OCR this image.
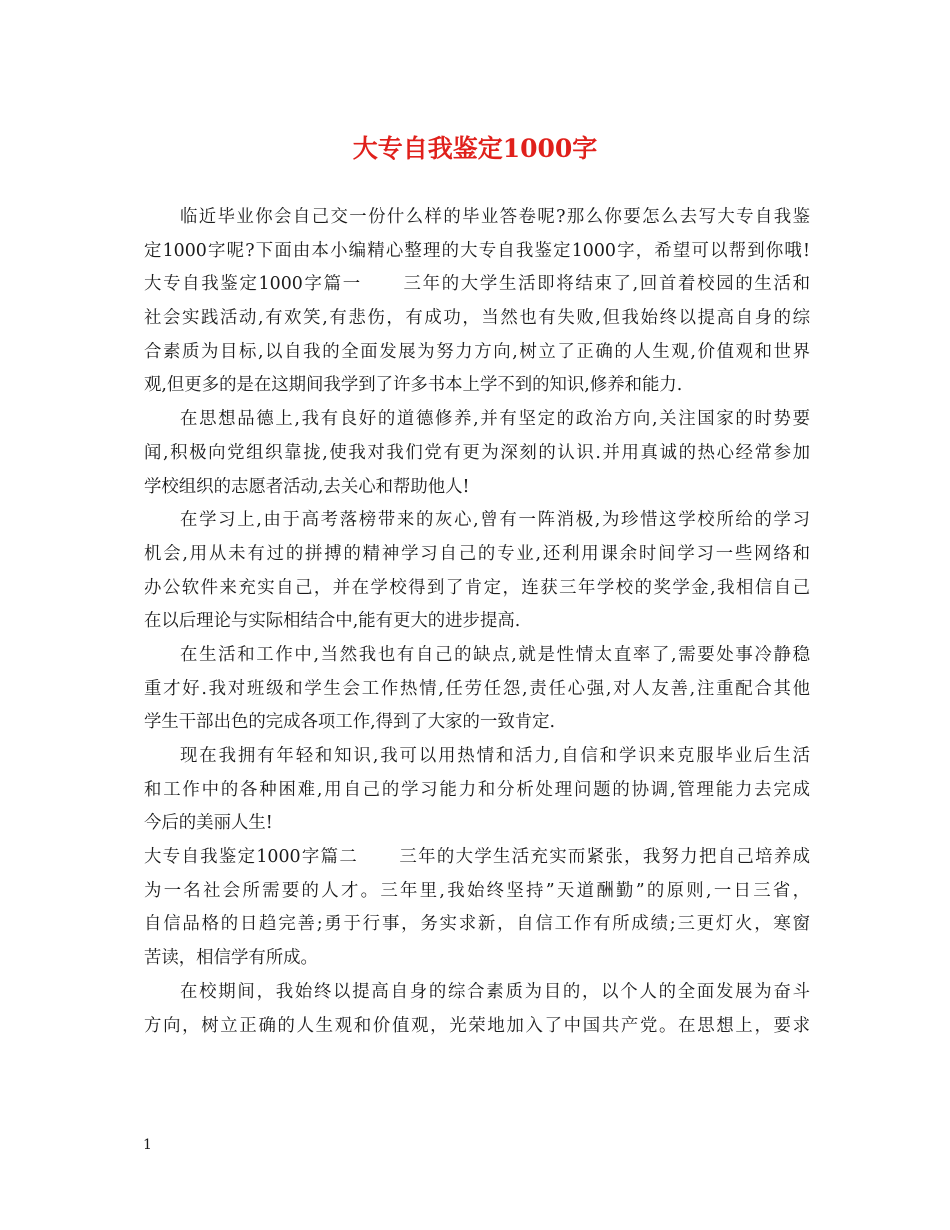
大专自我鉴定1000字
临近毕业你会自己交一份什么样的毕业答卷呢?那么你要怎么去写大专自我鉴
定1000字呢?下面由本小编精心整理的大专自我鉴定1000字，希望可以帮到你哦!
大专自我鉴定1000字篇一 三年的大学生活即将结束了,回首着校园的生活和
社会实践活动,有欢笑,有悲伤，有成功，当然也有失败,但我始终以提高自身的综
合素质为目标,以自我的全面发展为努力方向,树立了正确的人生观,价值观和世界
观,但更多的是在这期间我学到了许多书本上学不到的知识,修养和能力.
在思想品德上,我有良好的道德修养,并有坚定的政治方向,关注国家的时势要
闻,积极向党组织靠拢,使我对我们党有更为深刻的认识.并用真诚的热心经常参加
学校组织的志愿者活动,去关心和帮助他人!
在学习上,由于高考落榜带来的灰心,曾有一阵消极,为珍惜这学校所给的学习
机会,用从未有过的拼搏的精神学习自己的专业,还利用课余时间学习一些网络和
办公软件来充实自己，并在学校得到了肯定，连获三年学校的奖学金,我相信自己
在以后理论与实际相结合中,能有更大的进步提高.
在生活和工作中,当然我也有自己的缺点,就是性情太直率了,需要处事冷静稳
重才好.我对班级和学生会工作热情,任劳任怨,责任心强,对人友善,注重配合其他
学生干部出色的完成各项工作,得到了大家的一致肯定.
现在我拥有年轻和知识,我可以用热情和活力,自信和学识来克服毕业后生活
和工作中的各种困难,用自己的学习能力和分析处理问题的协调,管理能力去完成
今后的美丽人生!
大专自我鉴定1000字篇二 三年的大学生活充实而紧张，我努力把自己培养成
为一名社会所需要的人才。三年里,我始终坚持”天道酬勤”的原则,一日三省，
自信品格的日趋完善;勇于行事，务实求新，自信工作有所成绩;三更灯火，寒窗
苦读，相信学有所成。
在校期间，我始终以提高自身的综合素质为目的，以个人的全面发展为奋斗
方向，树立正确的人生观和价值观，光荣地加入了中国共产党。在思想上，要求
1
